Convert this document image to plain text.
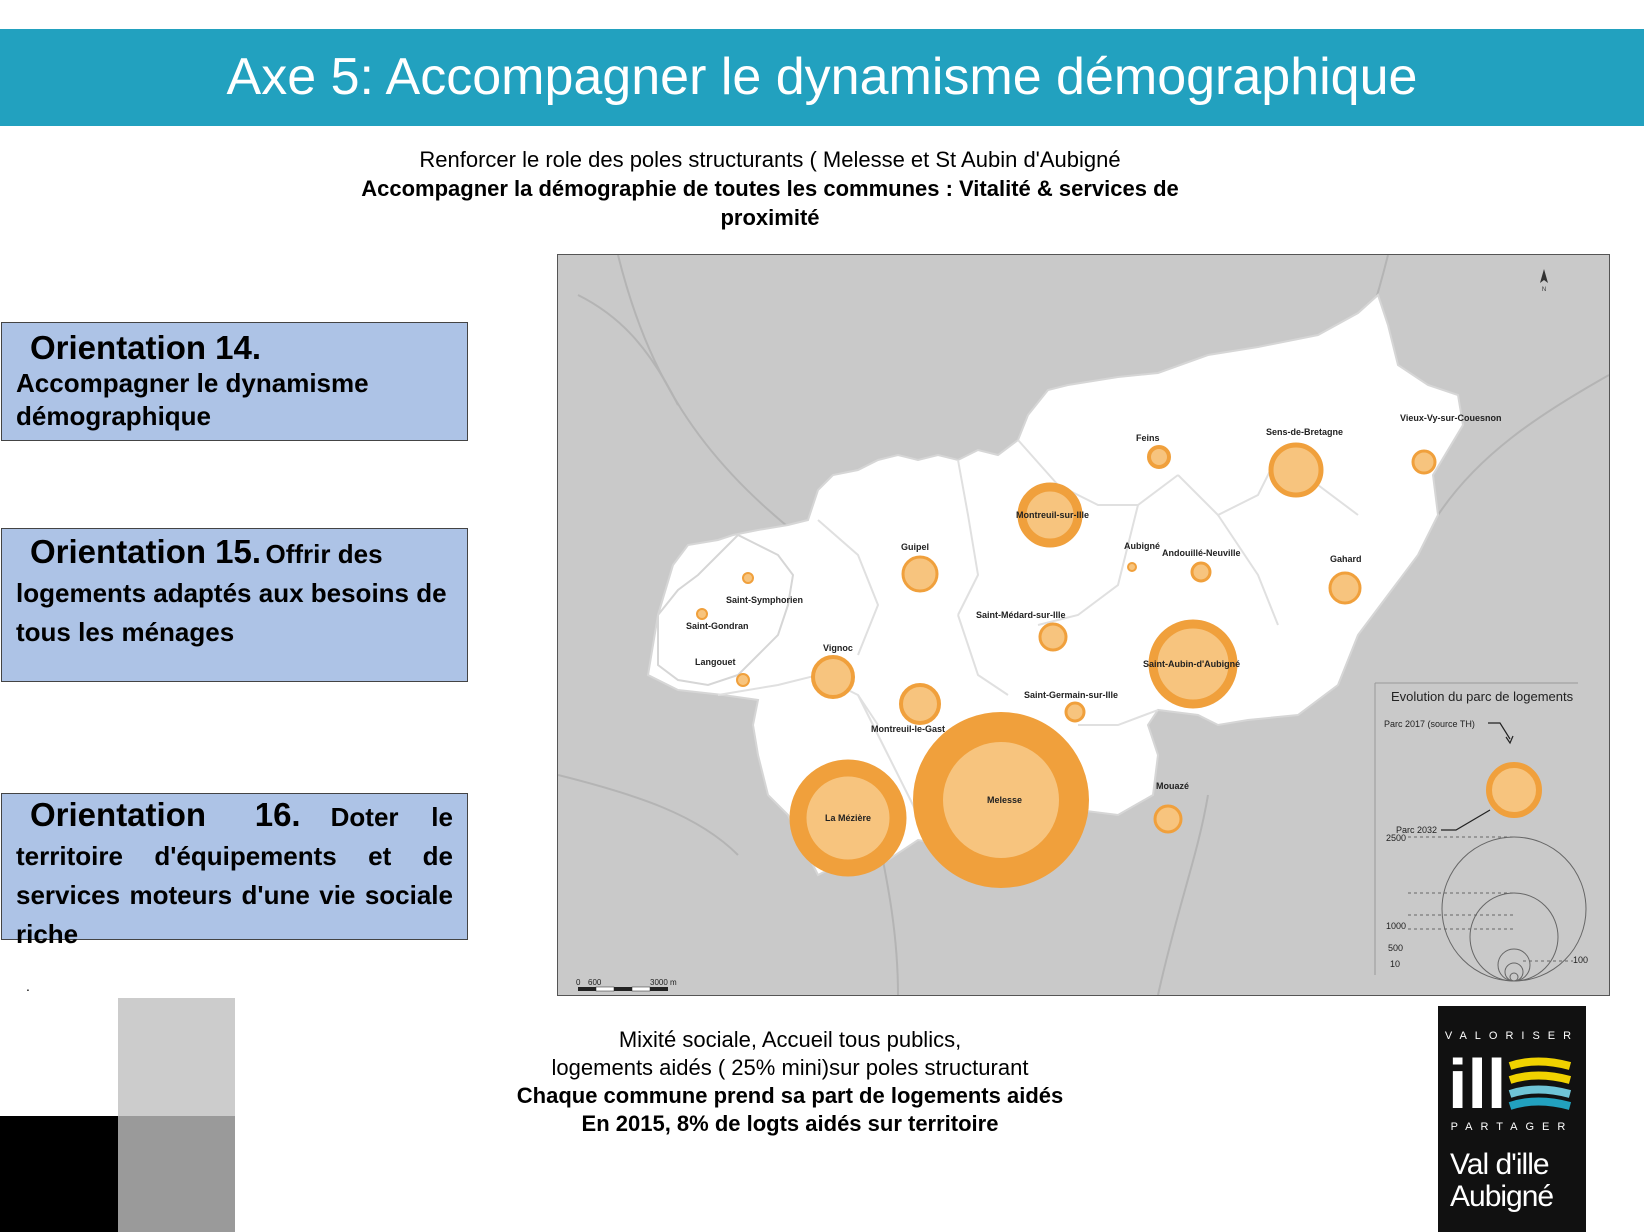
Axe 5: Accompagner le dynamisme démographique
Renforcer le role des poles structurants ( Melesse et St Aubin d'Aubigné
Accompagner la démographie de toutes les communes : Vitalité & services de
proximité
Orientation 14.
Accompagner le dynamisme démographique
Orientation 15. Offrir des logements adaptés aux besoins de tous les ménages
Orientation 16. Doter le territoire d'équipements et de services moteurs d'une vie sociale riche
.
N
Feins
Sens-de-Bretagne
Vieux-Vy-sur-Couesnon
Montreuil-sur-Ille
Aubigné
Andouillé-Neuville
Gahard
Guipel
Saint-Symphorien
Saint-Gondran
Langouet
Saint-Médard-sur-Ille
Vignoc
Saint-Aubin-d'Aubigné
Saint-Germain-sur-Ille
Montreuil-le-Gast
La Mézière
Melesse
Mouazé
Evolution du parc de logements
Parc 2017 (source TH)
Parc 2032
2500
1000
500
10	100
0 600	3000 m
Mixité sociale, Accueil tous publics,
logements aidés ( 25% mini)sur poles structurant
Chaque commune prend sa part de logements aidés
En 2015, 8% de logts aidés sur territoire
VALORISER
ill
PARTAGER
Val d'ille
Aubigné
